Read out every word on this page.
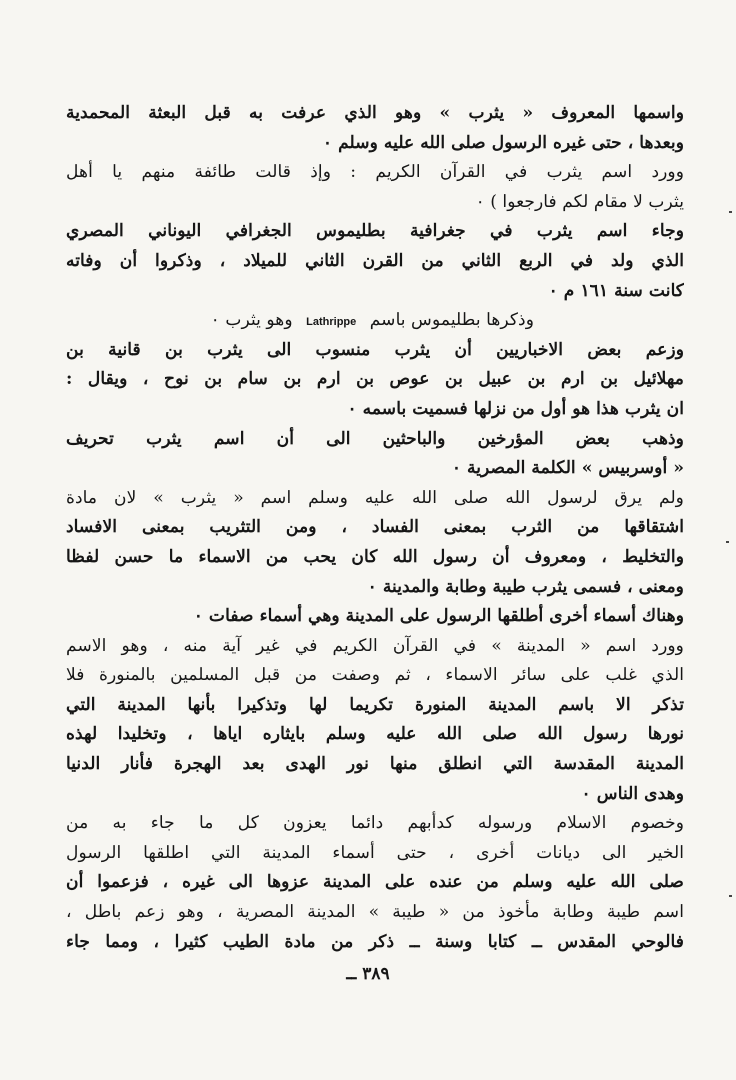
واسمها المعروف « يثرب » وهو الذي عرفت به قبل البعثة المحمدية
وبعدها ، حتى غيره الرسول صلى الله عليه وسلم ٠
وورد اسم يثرب في القرآن الكريم : وإذ قالت طائفة منهم يا أهل
يثرب لا مقام لكم فارجعوا ) ٠
وجاء اسم يثرب في جغرافية بطليموس الجغرافي اليوناني المصري
الذي ولد في الربع الثاني من القرن الثاني للميلاد ، وذكروا أن وفاته
كانت سنة ١٦١ م ٠
وذكرها بطليموس باسم Lathrippe وهو يثرب ٠
وزعم بعض الاخباريين أن يثرب منسوب الى يثرب بن قانية بن
مهلائيل بن ارم بن عبيل بن عوص بن ارم بن سام بن نوح ، ويقال :
ان يثرب هذا هو أول من نزلها فسميت باسمه ٠
وذهب بعض المؤرخين والباحثين الى أن اسم يثرب تحريف
« أوسربيس » الكلمة المصرية ٠
ولم يرق لرسول الله صلى الله عليه وسلم اسم « يثرب » لان مادة
اشتقاقها من الثرب بمعنى الفساد ، ومن التثريب بمعنى الافساد
والتخليط ، ومعروف أن رسول الله كان يحب من الاسماء ما حسن لفظا
ومعنى ، فسمى يثرب طيبة وطابة والمدينة ٠
وهناك أسماء أخرى أطلقها الرسول على المدينة وهي أسماء صفات ٠
وورد اسم « المدينة » في القرآن الكريم في غير آية منه ، وهو الاسم
الذي غلب على سائر الاسماء ، ثم وصفت من قبل المسلمين بالمنورة فلا
تذكر الا باسم المدينة المنورة تكريما لها وتذكيرا بأنها المدينة التي
نورها رسول الله صلى الله عليه وسلم بايثاره اياها ، وتخليدا لهذه
المدينة المقدسة التي انطلق منها نور الهدى بعد الهجرة فأنار الدنيا
وهدى الناس ٠
وخصوم الاسلام ورسوله كدأبهم دائما يعزون كل ما جاء به من
الخير الى ديانات أخرى ، حتى أسماء المدينة التي اطلقها الرسول
صلى الله عليه وسلم من عنده على المدينة عزوها الى غيره ، فزعموا أن
اسم طيبة وطابة مأخوذ من « طيبة » المدينة المصرية ، وهو زعم باطل ،
فالوحي المقدس ــ كتابا وسنة ــ ذكر من مادة الطيب كثيرا ، ومما جاء
٣٨٩ ــ
